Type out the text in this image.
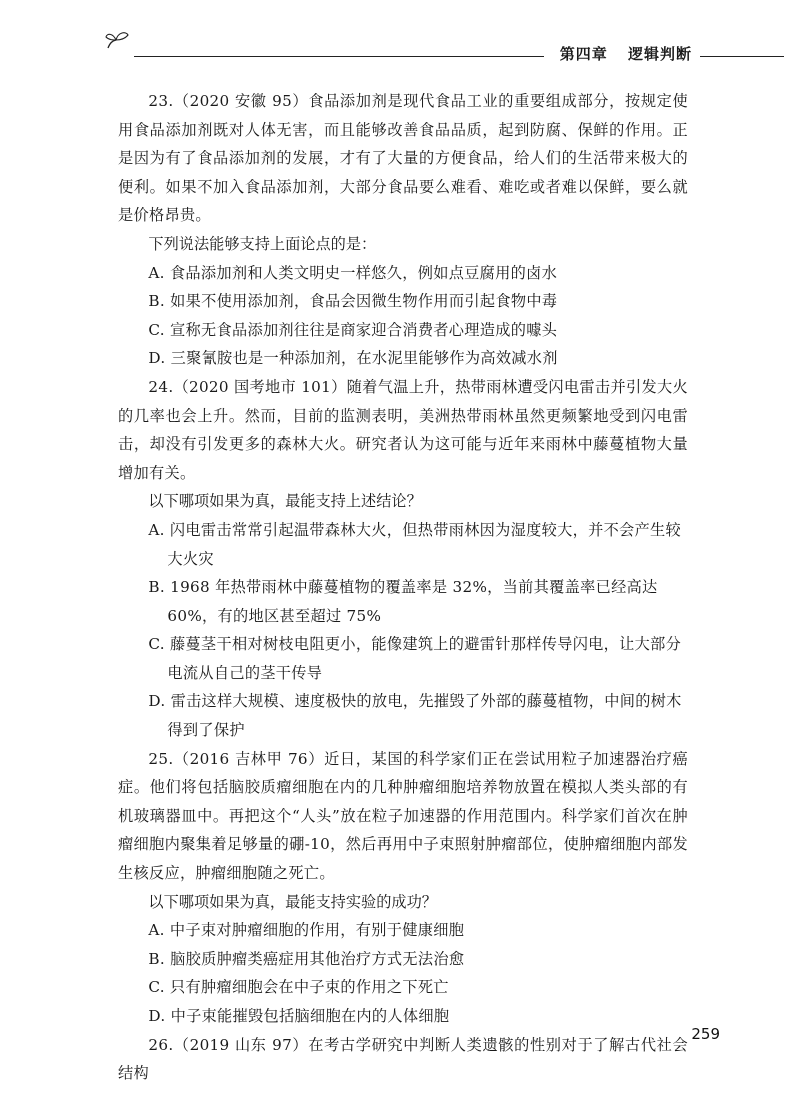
第四章 逻辑判断

23.（2020 安徽 95）食品添加剂是现代食品工业的重要组成部分，按规定使用食品添加剂既对人体无害，而且能够改善食品品质，起到防腐、保鲜的作用。正是因为有了食品添加剂的发展，才有了大量的方便食品，给人们的生活带来极大的便利。如果不加入食品添加剂，大部分食品要么难看、难吃或者难以保鲜，要么就是价格昂贵。

下列说法能够支持上面论点的是：

A. 食品添加剂和人类文明史一样悠久，例如点豆腐用的卤水

B. 如果不使用添加剂，食品会因微生物作用而引起食物中毒

C. 宣称无食品添加剂往往是商家迎合消费者心理造成的噱头

D. 三聚氰胺也是一种添加剂，在水泥里能够作为高效减水剂

24.（2020 国考地市 101）随着气温上升，热带雨林遭受闪电雷击并引发大火的几率也会上升。然而，目前的监测表明，美洲热带雨林虽然更频繁地受到闪电雷击，却没有引发更多的森林大火。研究者认为这可能与近年来雨林中藤蔓植物大量增加有关。

以下哪项如果为真，最能支持上述结论？

A. 闪电雷击常常引起温带森林大火，但热带雨林因为湿度较大，并不会产生较大火灾

B. 1968 年热带雨林中藤蔓植物的覆盖率是 32%，当前其覆盖率已经高达 60%，有的地区甚至超过 75%

C. 藤蔓茎干相对树枝电阻更小，能像建筑上的避雷针那样传导闪电，让大部分电流从自己的茎干传导

D. 雷击这样大规模、速度极快的放电，先摧毁了外部的藤蔓植物，中间的树木得到了保护

25.（2016 吉林甲 76）近日，某国的科学家们正在尝试用粒子加速器治疗癌症。他们将包括脑胶质瘤细胞在内的几种肿瘤细胞培养物放置在模拟人类头部的有机玻璃器皿中。再把这个“人头”放在粒子加速器的作用范围内。科学家们首次在肿瘤细胞内聚集着足够量的硼-10，然后再用中子束照射肿瘤部位，使肿瘤细胞内部发生核反应，肿瘤细胞随之死亡。

以下哪项如果为真，最能支持实验的成功？

A. 中子束对肿瘤细胞的作用，有别于健康细胞

B. 脑胶质肿瘤类癌症用其他治疗方式无法治愈

C. 只有肿瘤细胞会在中子束的作用之下死亡

D. 中子束能摧毁包括脑细胞在内的人体细胞

26.（2019 山东 97）在考古学研究中判断人类遗骸的性别对于了解古代社会结构

259
